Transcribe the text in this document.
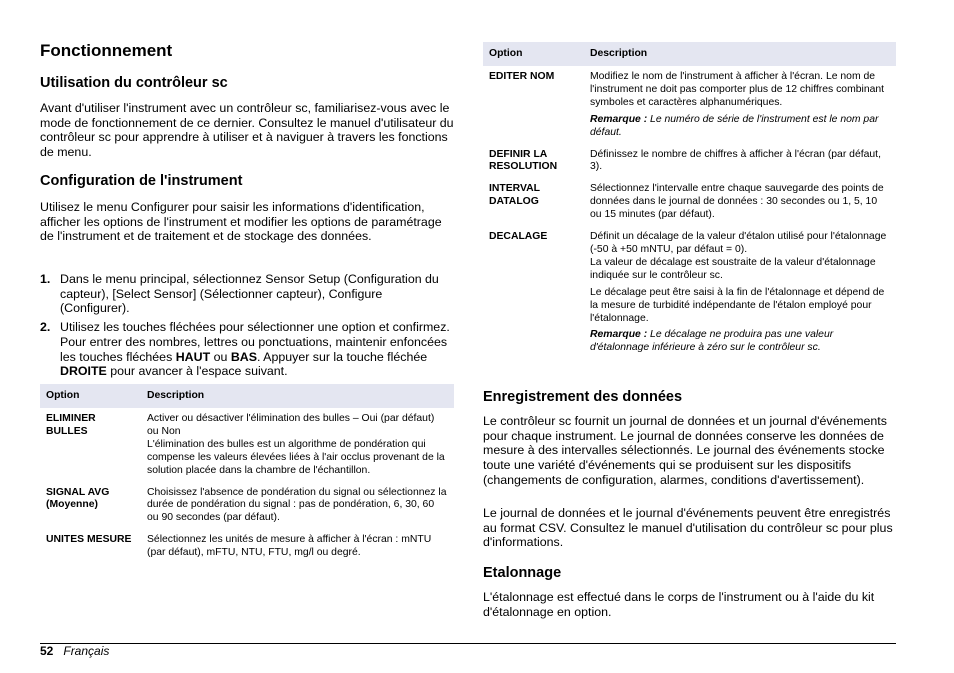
Fonctionnement
Utilisation du contrôleur sc

Avant d'utiliser l'instrument avec un contrôleur sc, familiarisez-vous avec le mode de fonctionnement de ce dernier. Consultez le manuel d'utilisateur du contrôleur sc pour apprendre à utiliser et à naviguer à travers les fonctions de menu.

Configuration de l'instrument

Utilisez le menu Configurer pour saisir les informations d'identification, afficher les options de l'instrument et modifier les options de paramétrage de l'instrument et de traitement et de stockage des données.

1. Dans le menu principal, sélectionnez Sensor Setup (Configuration du capteur), [Select Sensor] (Sélectionner capteur), Configure (Configurer).
2. Utilisez les touches fléchées pour sélectionner une option et confirmez. Pour entrer des nombres, lettres ou ponctuations, maintenir enfoncées les touches fléchées HAUT ou BAS. Appuyer sur la touche fléchée DROITE pour avancer à l'espace suivant.
Option	Description
ELIMINER BULLES	Activer ou désactiver l'élimination des bulles – Oui (par défaut) ou Non
L'élimination des bulles est un algorithme de pondération qui compense les valeurs élevées liées à l'air occlus provenant de la solution placée dans la chambre de l'échantillon.
SIGNAL AVG (Moyenne)	Choisissez l'absence de pondération du signal ou sélectionnez la durée de pondération du signal : pas de pondération, 6, 30, 60 ou 90 secondes (par défaut).
UNITES MESURE	Sélectionnez les unités de mesure à afficher à l'écran : mNTU (par défaut), mFTU, NTU, FTU, mg/l ou degré.
Option	Description
EDITER NOM	Modifiez le nom de l'instrument à afficher à l'écran. Le nom de l'instrument ne doit pas comporter plus de 12 chiffres combinant symboles et caractères alphanumériques.
Remarque : Le numéro de série de l'instrument est le nom par défaut.

DEFINIR LA RESOLUTION	Définissez le nombre de chiffres à afficher à l'écran (par défaut, 3).
INTERVAL DATALOG	Sélectionnez l'intervalle entre chaque sauvegarde des points de données dans le journal de données : 30 secondes ou 1, 5, 10 ou 15 minutes (par défaut).
DECALAGE	Définit un décalage de la valeur d'étalon utilisé pour l'étalonnage (-50 à +50 mNTU, par défaut = 0).
La valeur de décalage est soustraite de la valeur d'étalonnage indiquée sur le contrôleur sc.
Le décalage peut être saisi à la fin de l'étalonnage et dépend de la mesure de turbidité indépendante de l'étalon employé pour l'étalonnage.
Remarque : Le décalage ne produira pas une valeur d'étalonnage inférieure à zéro sur le contrôleur sc.
Enregistrement des données

Le contrôleur sc fournit un journal de données et un journal d'événements pour chaque instrument. Le journal de données conserve les données de mesure à des intervalles sélectionnés. Le journal des événements stocke toute une variété d'événements qui se produisent sur les dispositifs (changements de configuration, alarmes, conditions d'avertissement).

Le journal de données et le journal d'événements peuvent être enregistrés au format CSV. Consultez le manuel d'utilisation du contrôleur sc pour plus d'informations.

Etalonnage

L'étalonnage est effectué dans le corps de l'instrument ou à l'aide du kit d'étalonnage en option.

52 Français
